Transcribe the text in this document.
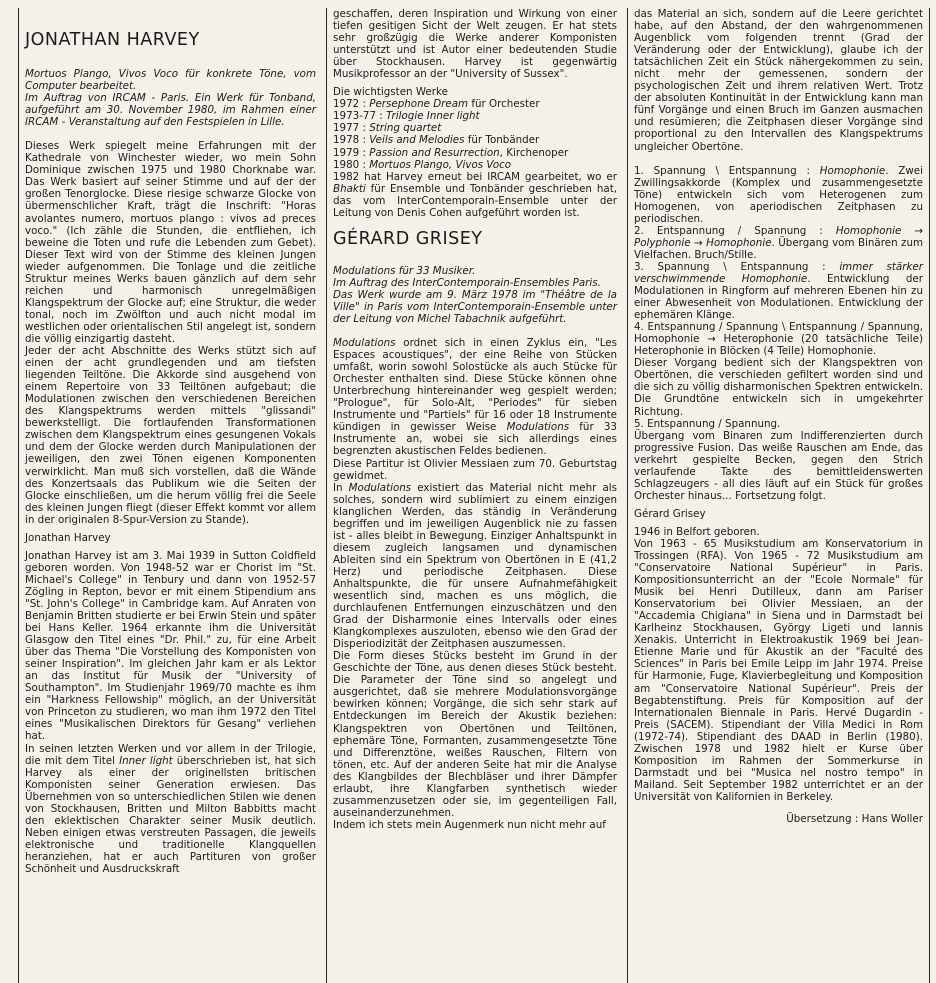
JONATHAN HARVEY

Mortuos Plango, Vivos Voco für konkrete Töne, vom Computer bearbeitet.

Im Auftrag von IRCAM - Paris. Ein Werk für Tonband, aufgeführt am 30. November 1980, im Rahmen einer IRCAM - Veranstaltung auf den Festspielen in Lille.

Dieses Werk spiegelt meine Erfahrungen mit der Kathedrale von Winchester wieder, wo mein Sohn Dominique zwischen 1975 und 1980 Chorknabe war. Das Werk basiert auf seiner Stimme und auf der der großen Tenorglocke. Diese riesige schwarze Glocke von übermenschlicher Kraft, trägt die Inschrift: "Horas avolantes numero, mortuos plango : vivos ad preces voco." (Ich zähle die Stunden, die entfliehen, ich beweine die Toten und rufe die Lebenden zum Gebet). Dieser Text wird von der Stimme des kleinen Jungen wieder aufgenommen. Die Tonlage und die zeitliche Struktur meines Werks bauen gänzlich auf dem sehr reichen und harmonisch unregelmäßigen Klangspektrum der Glocke auf; eine Struktur, die weder tonal, noch im Zwölfton und auch nicht modal im westlichen oder orientalischen Stil angelegt ist, sondern die völlig einzigartig dasteht.

Jeder der acht Abschnitte des Werks stützt sich auf einen der acht grundlegenden und am tiefsten liegenden Teiltöne. Die Akkorde sind ausgehend von einem Repertoire von 33 Teiltönen aufgebaut; die Modulationen zwischen den verschiedenen Bereichen des Klangspektrums werden mittels "glissandi" bewerkstelligt. Die fortlaufenden Transformationen zwischen dem Klangspektrum eines gesungenen Vokals und dem der Glocke werden durch Manipulationen der jeweiligen, den zwei Tönen eigenen Komponenten verwirklicht. Man muß sich vorstellen, daß die Wände des Konzertsaals das Publikum wie die Seiten der Glocke einschließen, um die herum völlig frei die Seele des kleinen Jungen fliegt (dieser Effekt kommt vor allem in der originalen 8-Spur-Version zu Stande).

Jonathan Harvey

Jonathan Harvey ist am 3. Mai 1939 in Sutton Coldfield geboren worden. Von 1948-52 war er Chorist im "St. Michael's College" in Tenbury und dann von 1952-57 Zögling in Repton, bevor er mit einem Stipendium ans "St. John's College" in Cambridge kam. Auf Anraten von Benjamin Britten studierte er bei Erwin Stein und später bei Hans Keller. 1964 erkannte ihm die Universität Glasgow den Titel eines "Dr. Phil." zu, für eine Arbeit über das Thema "Die Vorstellung des Komponisten von seiner Inspiration". Im gleichen Jahr kam er als Lektor an das Institut für Musik der "University of Southampton". Im Studienjahr 1969/70 machte es ihm ein "Harkness Fellowship" möglich, an der Universität von Princeton zu studieren, wo man ihm 1972 den Titel eines "Musikalischen Direktors für Gesang" verliehen hat.

In seinen letzten Werken und vor allem in der Trilogie, die mit dem Titel Inner light überschrieben ist, hat sich Harvey als einer der originellsten britischen Komponisten seiner Generation erwiesen. Das Übernehmen von so unterschiedlichen Stilen wie denen von Stockhausen, Britten und Milton Babbitts macht den eklektischen Charakter seiner Musik deutlich. Neben einigen etwas verstreuten Passagen, die jeweils elektronische und traditionelle Klangquellen heranziehen, hat er auch Partituren von großer Schönheit und Ausdruckskraft

geschaffen, deren Inspiration und Wirkung von einer tiefen gesitigen Sicht der Welt zeugen. Er hat stets sehr großzügig die Werke anderer Komponisten unterstützt und ist Autor einer bedeutenden Studie über Stockhausen. Harvey ist gegenwärtig Musikprofessor an der "University of Sussex".

Die wichtigsten Werke

1972 : Persephone Dream für Orchester
1973-77 : Trilogie Inner light
1977 : String quartet
1978 : Veils and Melodies für Tonbänder
1979 : Passion and Resurrection, Kirchenoper
1980 : Mortuos Plango, Vivos Voco

1982 hat Harvey erneut bei IRCAM gearbeitet, wo er Bhakti für Ensemble und Tonbänder geschrieben hat, das vom InterContemporain-Ensemble unter der Leitung von Denis Cohen aufgeführt worden ist.

GÉRARD GRISEY

Modulations für 33 Musiker.

Im Auftrag des InterContemporain-Ensembles Paris.

Das Werk wurde am 9. März 1978 im "Théâtre de la Ville" in Paris vom InterContemporain-Ensemble unter der Leitung von Michel Tabachnik aufgeführt.

Modulations ordnet sich in einen Zyklus ein, "Les Espaces acoustiques", der eine Reihe von Stücken umfaßt, worin sowohl Solostücke als auch Stücke für Orchester enthalten sind. Diese Stücke können ohne Unterbrechung hintereinander weg gespielt werden; "Prologue", für Solo-Alt, "Periodes" für sieben Instrumente und "Partiels" für 16 oder 18 Instrumente kündigen in gewisser Weise Modulations für 33 Instrumente an, wobei sie sich allerdings eines begrenzten akustischen Feldes bedienen.

Diese Partitur ist Olivier Messiaen zum 70. Geburtstag gewidmet.

In Modulations existiert das Material nicht mehr als solches, sondern wird sublimiert zu einem einzigen klanglichen Werden, das ständig in Veränderung begriffen und im jeweiligen Augenblick nie zu fassen ist - alles bleibt in Bewegung. Einziger Anhaltspunkt in diesem zugleich langsamen und dynamischen Ableiten sind ein Spektrum von Obertönen in E (41,2 Herz) und periodische Zeitphasen. Diese Anhaltspunkte, die für unsere Aufnahmefähigkeit wesentlich sind, machen es uns möglich, die durchlaufenen Entfernungen einzuschätzen und den Grad der Disharmonie eines Intervalls oder eines Klangkomplexes auszuloten, ebenso wie den Grad der Disperiodizität der Zeitphasen auszumessen.

Die Form dieses Stücks besteht im Grund in der Geschichte der Töne, aus denen dieses Stück besteht. Die Parameter der Töne sind so angelegt und ausgerichtet, daß sie mehrere Modulationsvorgänge bewirken können; Vorgänge, die sich sehr stark auf Entdeckungen im Bereich der Akustik beziehen: Klangspektren von Obertönen und Teiltönen, ephemäre Töne, Formanten, zusammengesetzte Töne und Differenztöne, weißes Rauschen, Filtern von tönen, etc. Auf der anderen Seite hat mir die Analyse des Klangbildes der Blechbläser und ihrer Dämpfer erlaubt, ihre Klangfarben synthetisch wieder zusammenzusetzen oder sie, im gegenteiligen Fall, auseinanderzunehmen.

Indem ich stets mein Augenmerk nun nicht mehr auf

das Material an sich, sondern auf die Leere gerichtet habe, auf den Abstand, der den wahrgenommenen Augenblick vom folgenden trennt (Grad der Veränderung oder der Entwicklung), glaube ich der tatsächlichen Zeit ein Stück nähergekommen zu sein, nicht mehr der gemessenen, sondern der psychologischen Zeit und ihrem relativen Wert. Trotz der absoluten Kontinuität in der Entwicklung kann man fünf Vorgänge und einen Bruch im Ganzen ausmachen und resümieren; die Zeitphasen dieser Vorgänge sind proportional zu den Intervallen des Klangspektrums ungleicher Obertöne.

1. Spannung \ Entspannung : Homophonie. Zwei Zwillingsakkorde (Komplex und zusammengesetzte Töne) entwickeln sich vom Heterogenen zum Homogenen, von aperiodischen Zeitphasen zu periodischen.

2. Entspannung / Spannung : Homophonie → Polyphonie → Homophonie. Übergang vom Binären zum Vielfachen. Bruch/Stille.

3. Spannung \ Entspannung : immer stärker verschwimmende Homophonie. Entwicklung der Modulationen in Ringform auf mehreren Ebenen hin zu einer Abwesenheit von Modulationen. Entwicklung der ephemären Klänge.

4. Entspannung / Spannung \ Entspannung / Spannung, Homophonie → Heterophonie (20 tatsächliche Teile) Heterophonie in Blöcken (4 Teile) Homophonie.

Dieser Vorgang bedient sich der Klangspektren von Obertönen, die verschieden gefiltert worden sind und die sich zu völlig disharmonischen Spektren entwickeln. Die Grundtöne entwickeln sich in umgekehrter Richtung.

5. Entspannung / Spannung.

Übergang vom Binaren zum Indifferenzierten durch progressive Fusion. Das weiße Rauschen am Ende, das verkehrt gespielte Becken, gegen den Strich verlaufende Takte des bemittleidenswerten Schlagzeugers - all dies läuft auf ein Stück für großes Orchester hinaus... Fortsetzung folgt.

Gérard Grisey

1946 in Belfort geboren.

Von 1963 - 65 Musikstudium am Konservatorium in Trossingen (RFA). Von 1965 - 72 Musikstudium am "Conservatoire National Supérieur" in Paris. Kompositionsunterricht an der "Ecole Normale" für Musik bei Henri Dutilleux, dann am Pariser Konservatorium bei Olivier Messiaen, an der "Accademia Chigiana" in Siena und in Darmstadt bei Karlheinz Stockhausen, György Ligeti und Iannis Xenakis. Unterricht in Elektroakustik 1969 bei Jean-Etienne Marie und für Akustik an der "Faculté des Sciences" in Paris bei Emile Leipp im Jahr 1974. Preise für Harmonie, Fuge, Klavierbegleitung und Komposition am "Conservatoire National Supérieur". Preis der Begabtenstiftung. Preis für Komposition auf der Internationalen Biennale in Paris. Hervé Dugardin - Preis (SACEM). Stipendiant der Villa Medici in Rom (1972-74). Stipendiant des DAAD in Berlin (1980). Zwischen 1978 und 1982 hielt er Kurse über Komposition im Rahmen der Sommerkurse in Darmstadt und bei "Musica nel nostro tempo" in Mailand. Seit September 1982 unterrichtet er an der Universität von Kalifornien in Berkeley.

Übersetzung : Hans Woller
